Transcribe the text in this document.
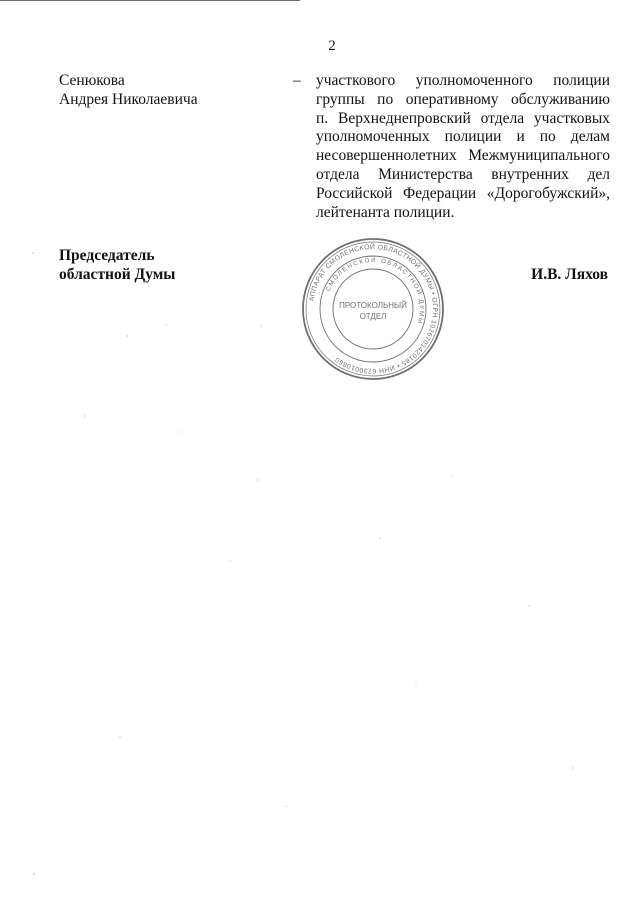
2
Сенюкова
Андрея Николаевича
– участкового уполномоченного полиции
группы по оперативному обслуживанию
п. Верхнеднепровский отдела участковых
уполномоченных полиции и по делам
несовершеннолетних Межмуниципального
отдела Министерства внутренних дел
Российской Федерации «Дорогобужский»,
лейтенанта полиции.
Председатель
областной Думы	И.В. Ляхов
АППАРАТ СМОЛЕНСКОЙ ОБЛАСТНОЙ ДУМЫ • ОГРН 1026701429185 • ИНН 6730010860
СМОЛЕНСКОЙ ОБЛАСТНОЙ ДУМЫ
ПРОТОКОЛЬНЫЙ
ОТДЕЛ
